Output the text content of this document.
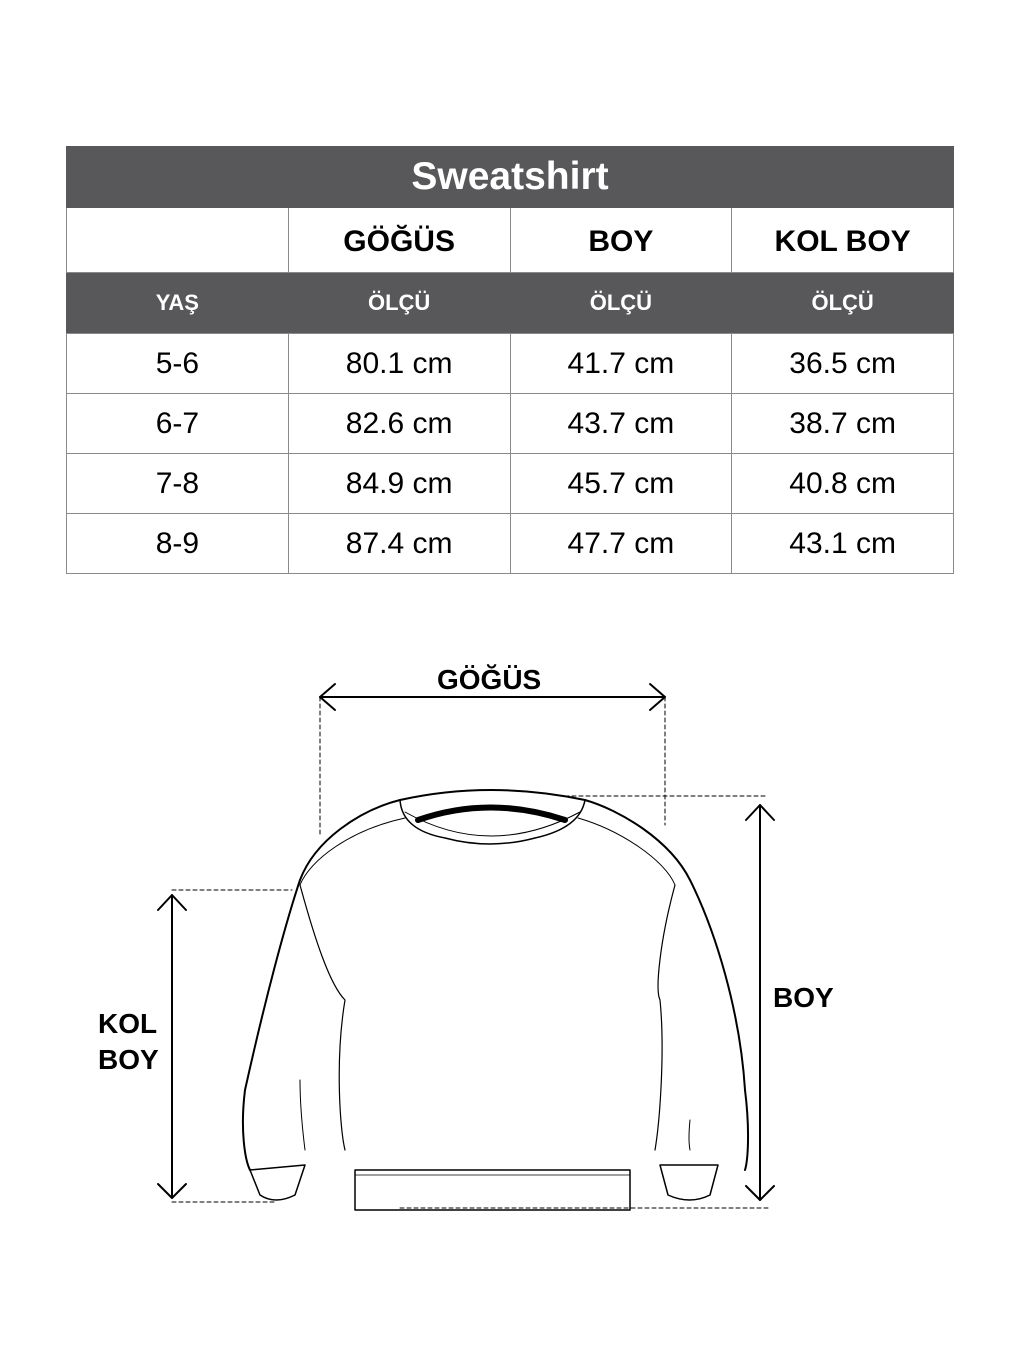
Sweatshirt			
	GÖĞÜS	BOY	KOL BOY
YAŞ	ÖLÇÜ	ÖLÇÜ	ÖLÇÜ
5-6	80.1 cm	41.7 cm	36.5 cm
6-7	82.6 cm	43.7 cm	38.7 cm
7-8	84.9 cm	45.7 cm	40.8 cm
8-9	87.4 cm	47.7 cm	43.1 cm
GÖĞÜS
BOY
KOL
BOY
